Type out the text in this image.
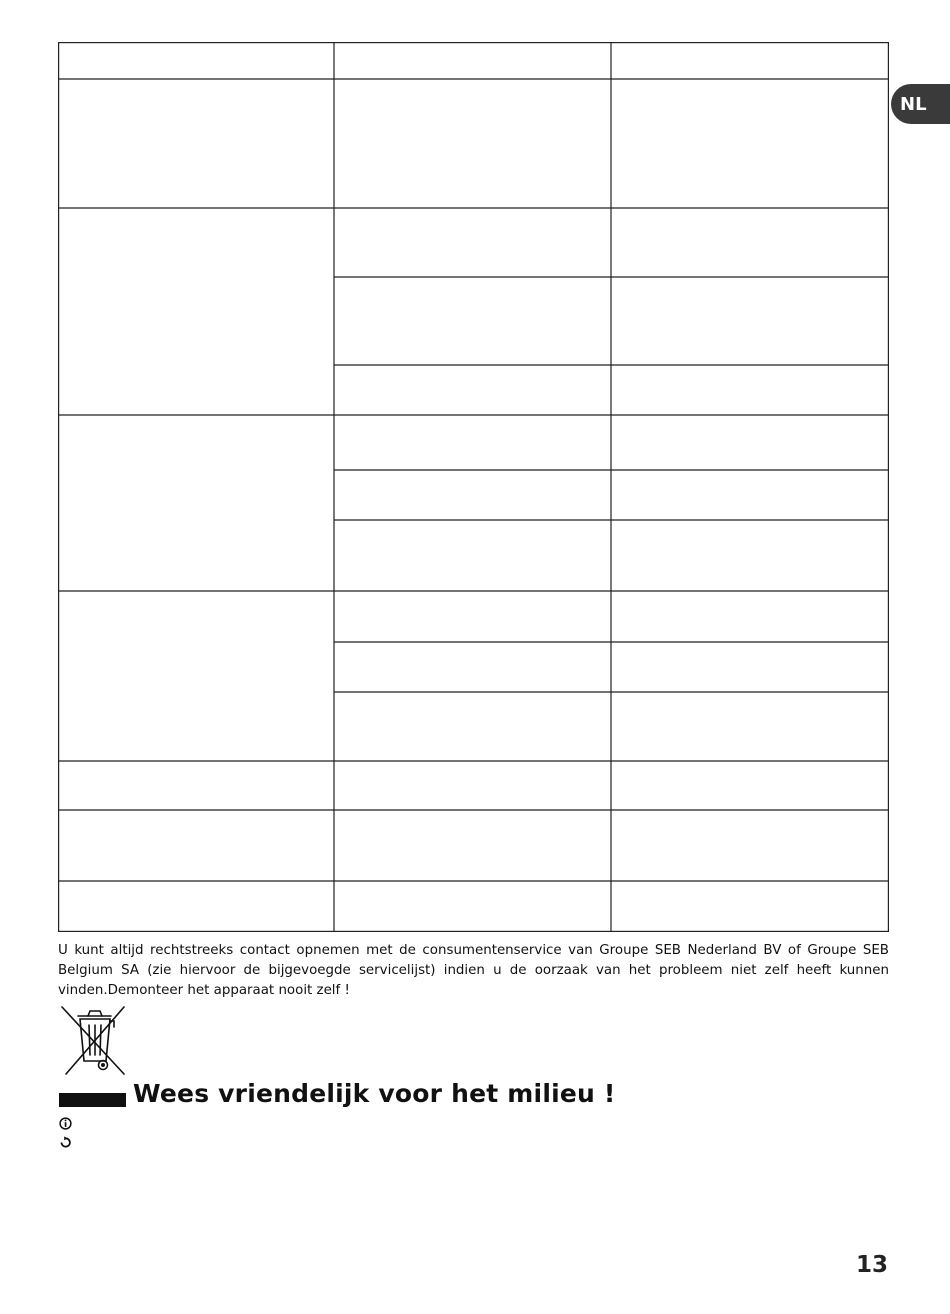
NL
U kunt altijd rechtstreeks contact opnemen met de consumentenservice van Groupe SEB Nederland BV of Groupe SEB Belgium SA (zie hiervoor de bijgevoegde servicelijst) indien u de oorzaak van het probleem niet zelf heeft kunnen vinden.Demonteer het apparaat nooit zelf !
Wees vriendelijk voor het milieu !
13
